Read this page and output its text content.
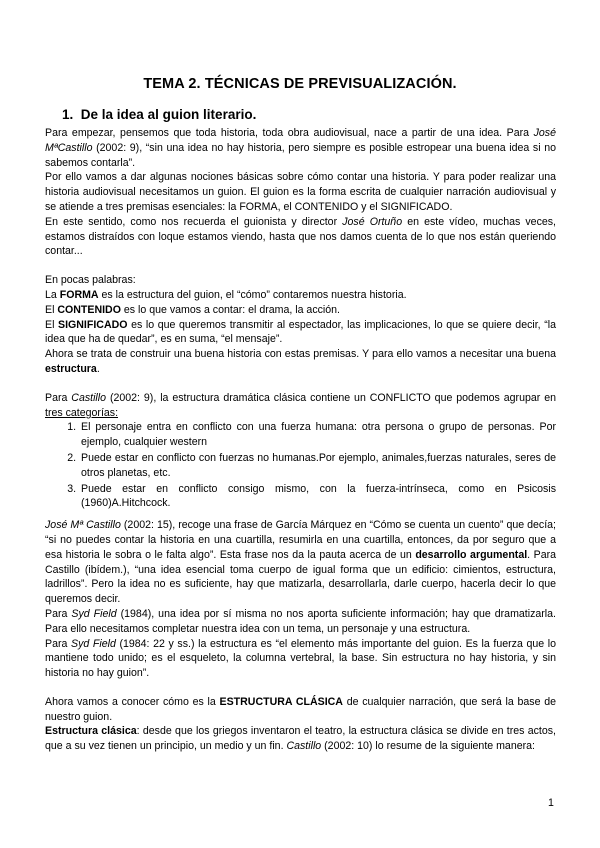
TEMA 2. TÉCNICAS DE PREVISUALIZACIÓN.
1. De la idea al guion literario.

Para empezar, pensemos que toda historia, toda obra audiovisual, nace a partir de una idea. Para José MªCastillo (2002: 9), “sin una idea no hay historia, pero siempre es posible estropear una buena idea si no sabemos contarla”.

Por ello vamos a dar algunas nociones básicas sobre cómo contar una historia. Y para poder realizar una historia audiovisual necesitamos un guion. El guion es la forma escrita de cualquier narración audiovisual y se atiende a tres premisas esenciales: la FORMA, el CONTENIDO y el SIGNIFICADO.

En este sentido, como nos recuerda el guionista y director José Ortuño en este vídeo, muchas veces, estamos distraídos con loque estamos viendo, hasta que nos damos cuenta de lo que nos están queriendo contar...

En pocas palabras:

La FORMA es la estructura del guion, el “cómo” contaremos nuestra historia.

El CONTENIDO es lo que vamos a contar: el drama, la acción.

El SIGNIFICADO es lo que queremos transmitir al espectador, las implicaciones, lo que se quiere decir, “la idea que ha de quedar”, es en suma, “el mensaje”.

Ahora se trata de construir una buena historia con estas premisas. Y para ello vamos a necesitar una buena estructura.

Para Castillo (2002: 9), la estructura dramática clásica contiene un CONFLICTO que podemos agrupar en tres categorías:

1. El personaje entra en conflicto con una fuerza humana: otra persona o grupo de personas. Por ejemplo, cualquier western
2. Puede estar en conflicto con fuerzas no humanas.Por ejemplo, animales,fuerzas naturales, seres de otros planetas, etc.
3. Puede estar en conflicto consigo mismo, con la fuerza-intrínseca, como en Psicosis (1960)A.Hitchcock.

José Mª Castillo (2002: 15), recoge una frase de García Márquez en “Cómo se cuenta un cuento” que decía; “si no puedes contar la historia en una cuartilla, resumirla en una cuartilla, entonces, da por seguro que a esa historia le sobra o le falta algo”. Esta frase nos da la pauta acerca de un desarrollo argumental. Para Castillo (ibídem.), “una idea esencial toma cuerpo de igual forma que un edificio: cimientos, estructura, ladrillos”. Pero la idea no es suficiente, hay que matizarla, desarrollarla, darle cuerpo, hacerla decir lo que queremos decir.

Para Syd Field (1984), una idea por sí misma no nos aporta suficiente información; hay que dramatizarla. Para ello necesitamos completar nuestra idea con un tema, un personaje y una estructura.

Para Syd Field (1984: 22 y ss.) la estructura es “el elemento más importante del guion. Es la fuerza que lo mantiene todo unido; es el esqueleto, la columna vertebral, la base. Sin estructura no hay historia, y sin historia no hay guion”.

Ahora vamos a conocer cómo es la ESTRUCTURA CLÁSICA de cualquier narración, que será la base de nuestro guion.

Estructura clásica: desde que los griegos inventaron el teatro, la estructura clásica se divide en tres actos, que a su vez tienen un principio, un medio y un fin. Castillo (2002: 10) lo resume de la siguiente manera:

1
